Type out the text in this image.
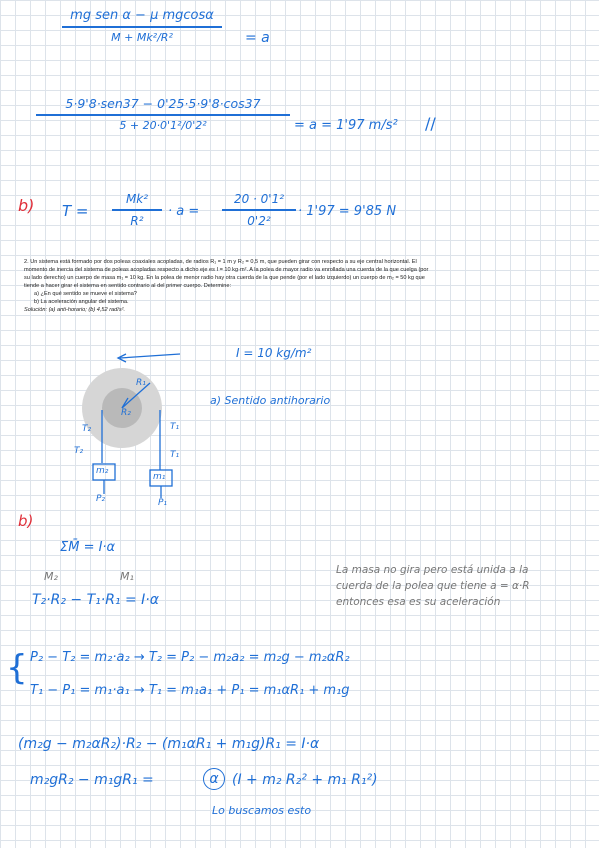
mg sen α − μ mgcosα
M + Mk²/R²	= a
5·9'8·sen37 − 0'25·5·9'8·cos37
5 + 20·0'1²/0'2²	= a = 1'97 m/s² //
b) T =
Mk²
R²
· a =
20 · 0'1²
0'2²
· 1'97 = 9'85 N

2. Un sistema está formado por dos poleas coaxiales acopladas, de radios R₁ = 1 m y R₂ = 0,5 m, que pueden girar con respecto a su eje central horizontal. El momento de inercia del sistema de poleas acopladas respecto a dicho eje es I = 10 kg·m². A la polea de mayor radio va enrollada una cuerda de la que cuelga (por su lado derecho) un cuerpo de masa m₁ = 10 kg. En la polea de menor radio hay otra cuerda de la que pende (por el lado izquierdo) un cuerpo de m₂ = 50 kg que tiende a hacer girar el sistema en sentido contrario al del primer cuerpo. Determine:

a) ¿En qué sentido se mueve el sistema?

b) La aceleración angular del sistema.

Solución: (a) anti-horario; (b) 4,52 rad/s².

I = 10 kg/m²
a) Sentido antihorario
R₁
R₂
T₂
T₂
T₁
T₁
m₂
m₁
P₂	P₁
b)
ΣM̄ = I·α
M₂	M₁
T₂·R₂ − T₁·R₁ = I·α
La masa no gira pero está unida a la cuerda de la polea que tiene a = α·R entonces esa es su aceleración
{ P₂ − T₂ = m₂·a₂ → T₂ = P₂ − m₂a₂ = m₂g − m₂αR₂
T₁ − P₁ = m₁·a₁ → T₁ = m₁a₁ + P₁ = m₁αR₁ + m₁g
(m₂g − m₂αR₂)·R₂ − (m₁αR₁ + m₁g)R₁ = I·α
m₂gR₂ − m₁gR₁ =	α (I + m₂ R₂² + m₁ R₁²)
Lo buscamos esto
